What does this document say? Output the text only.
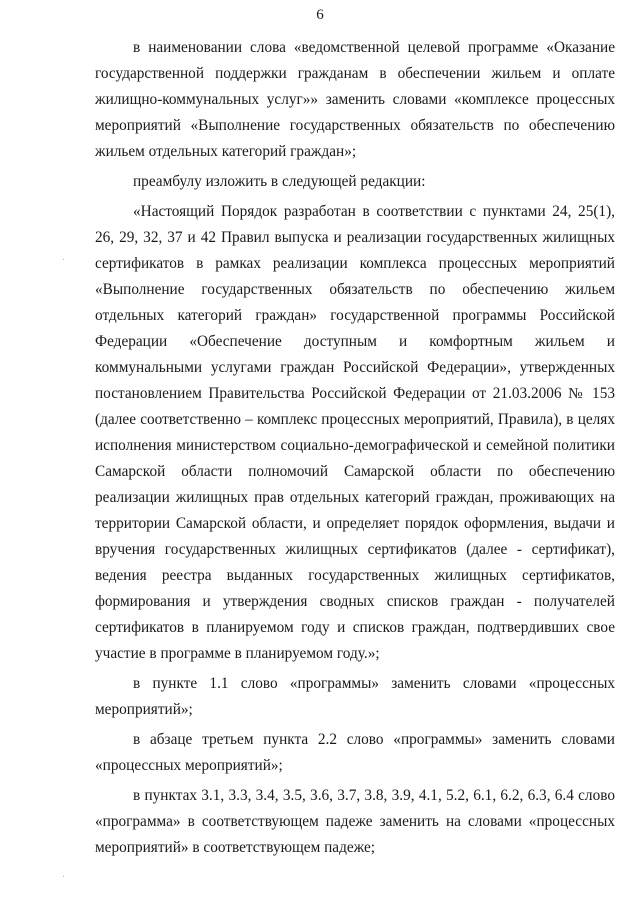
6

в наименовании слова «ведомственной целевой программе «Оказание государственной поддержки гражданам в обеспечении жильем и оплате жилищно-коммунальных услуг»» заменить словами «комплексе процессных мероприятий «Выполнение государственных обязательств по обеспечению жильем отдельных категорий граждан»;

преамбулу изложить в следующей редакции:

«Настоящий Порядок разработан в соответствии с пунктами 24, 25(1), 26, 29, 32, 37 и 42 Правил выпуска и реализации государственных жилищных сертификатов в рамках реализации комплекса процессных мероприятий «Выполнение государственных обязательств по обеспечению жильем отдельных категорий граждан» государственной программы Российской Федерации «Обеспечение доступным и комфортным жильем и коммунальными услугами граждан Российской Федерации», утвержденных постановлением Правительства Российской Федерации от 21.03.2006 № 153 (далее соответственно – комплекс процессных мероприятий, Правила), в целях исполнения министерством социально-демографической и семейной политики Самарской области полномочий Самарской области по обеспечению реализации жилищных прав отдельных категорий граждан, проживающих на территории Самарской области, и определяет порядок оформления, выдачи и вручения государственных жилищных сертификатов (далее - сертификат), ведения реестра выданных государственных жилищных сертификатов, формирования и утверждения сводных списков граждан - получателей сертификатов в планируемом году и списков граждан, подтвердивших свое участие в программе в планируемом году.»;

в пункте 1.1 слово «программы» заменить словами «процессных мероприятий»;

в абзаце третьем пункта 2.2 слово «программы» заменить словами «процессных мероприятий»;

в пунктах 3.1, 3.3, 3.4, 3.5, 3.6, 3.7, 3.8, 3.9, 4.1, 5.2, 6.1, 6.2, 6.3, 6.4 слово «программа» в соответствующем падеже заменить на словами «процессных мероприятий» в соответствующем падеже;

·
·
